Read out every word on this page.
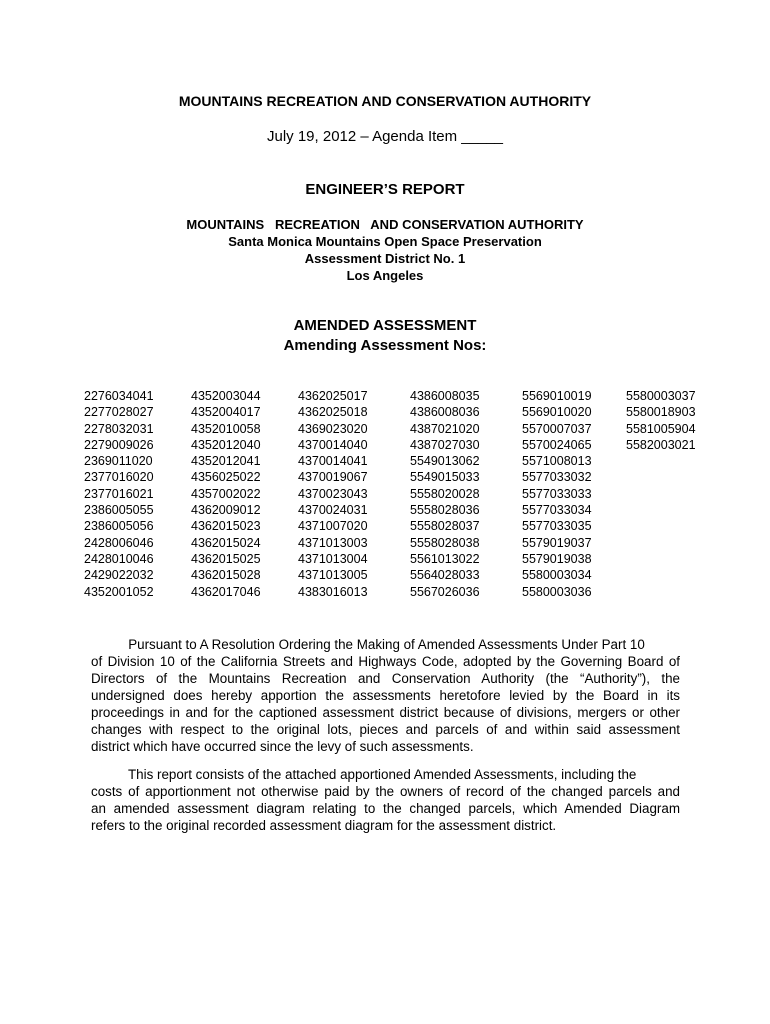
MOUNTAINS RECREATION AND CONSERVATION AUTHORITY
July 19, 2012 – Agenda Item _____
ENGINEER’S REPORT
MOUNTAINS   RECREATION   AND CONSERVATION AUTHORITY
Santa Monica Mountains Open Space Preservation
Assessment District No. 1
Los Angeles
AMENDED ASSESSMENT
Amending Assessment Nos:
2276034041
2277028027
2278032031
2279009026
2369011020
2377016020
2377016021
2386005055
2386005056
2428006046
2428010046
2429022032
4352001052
4352003044
4352004017
4352010058
4352012040
4352012041
4356025022
4357002022
4362009012
4362015023
4362015024
4362015025
4362015028
4362017046
4362025017
4362025018
4369023020
4370014040
4370014041
4370019067
4370023043
4370024031
4371007020
4371013003
4371013004
4371013005
4383016013
4386008035
4386008036
4387021020
4387027030
5549013062
5549015033
5558020028
5558028036
5558028037
5558028038
5561013022
5564028033
5567026036
5569010019
5569010020
5570007037
5570024065
5571008013
5577033032
5577033033
5577033034
5577033035
5579019037
5579019038
5580003034
5580003036
5580003037
5580018903
5581005904
5582003021
Pursuant to A Resolution Ordering the Making of Amended Assessments Under Part 10
of Division 10 of the California Streets and Highways Code, adopted by the Governing Board of
Directors of the Mountains Recreation and Conservation Authority (the “Authority”), the
undersigned does hereby apportion the assessments heretofore levied by the Board in its
proceedings in and for the captioned assessment district because of divisions, mergers or other
changes with respect to the original lots, pieces and parcels of and within said assessment
district which have occurred since the levy of such assessments.
This report consists of the attached apportioned Amended Assessments, including the
costs of apportionment not otherwise paid by the owners of record of the changed parcels and
an amended assessment diagram relating to the changed parcels, which Amended Diagram
refers to the original recorded assessment diagram for the assessment district.
